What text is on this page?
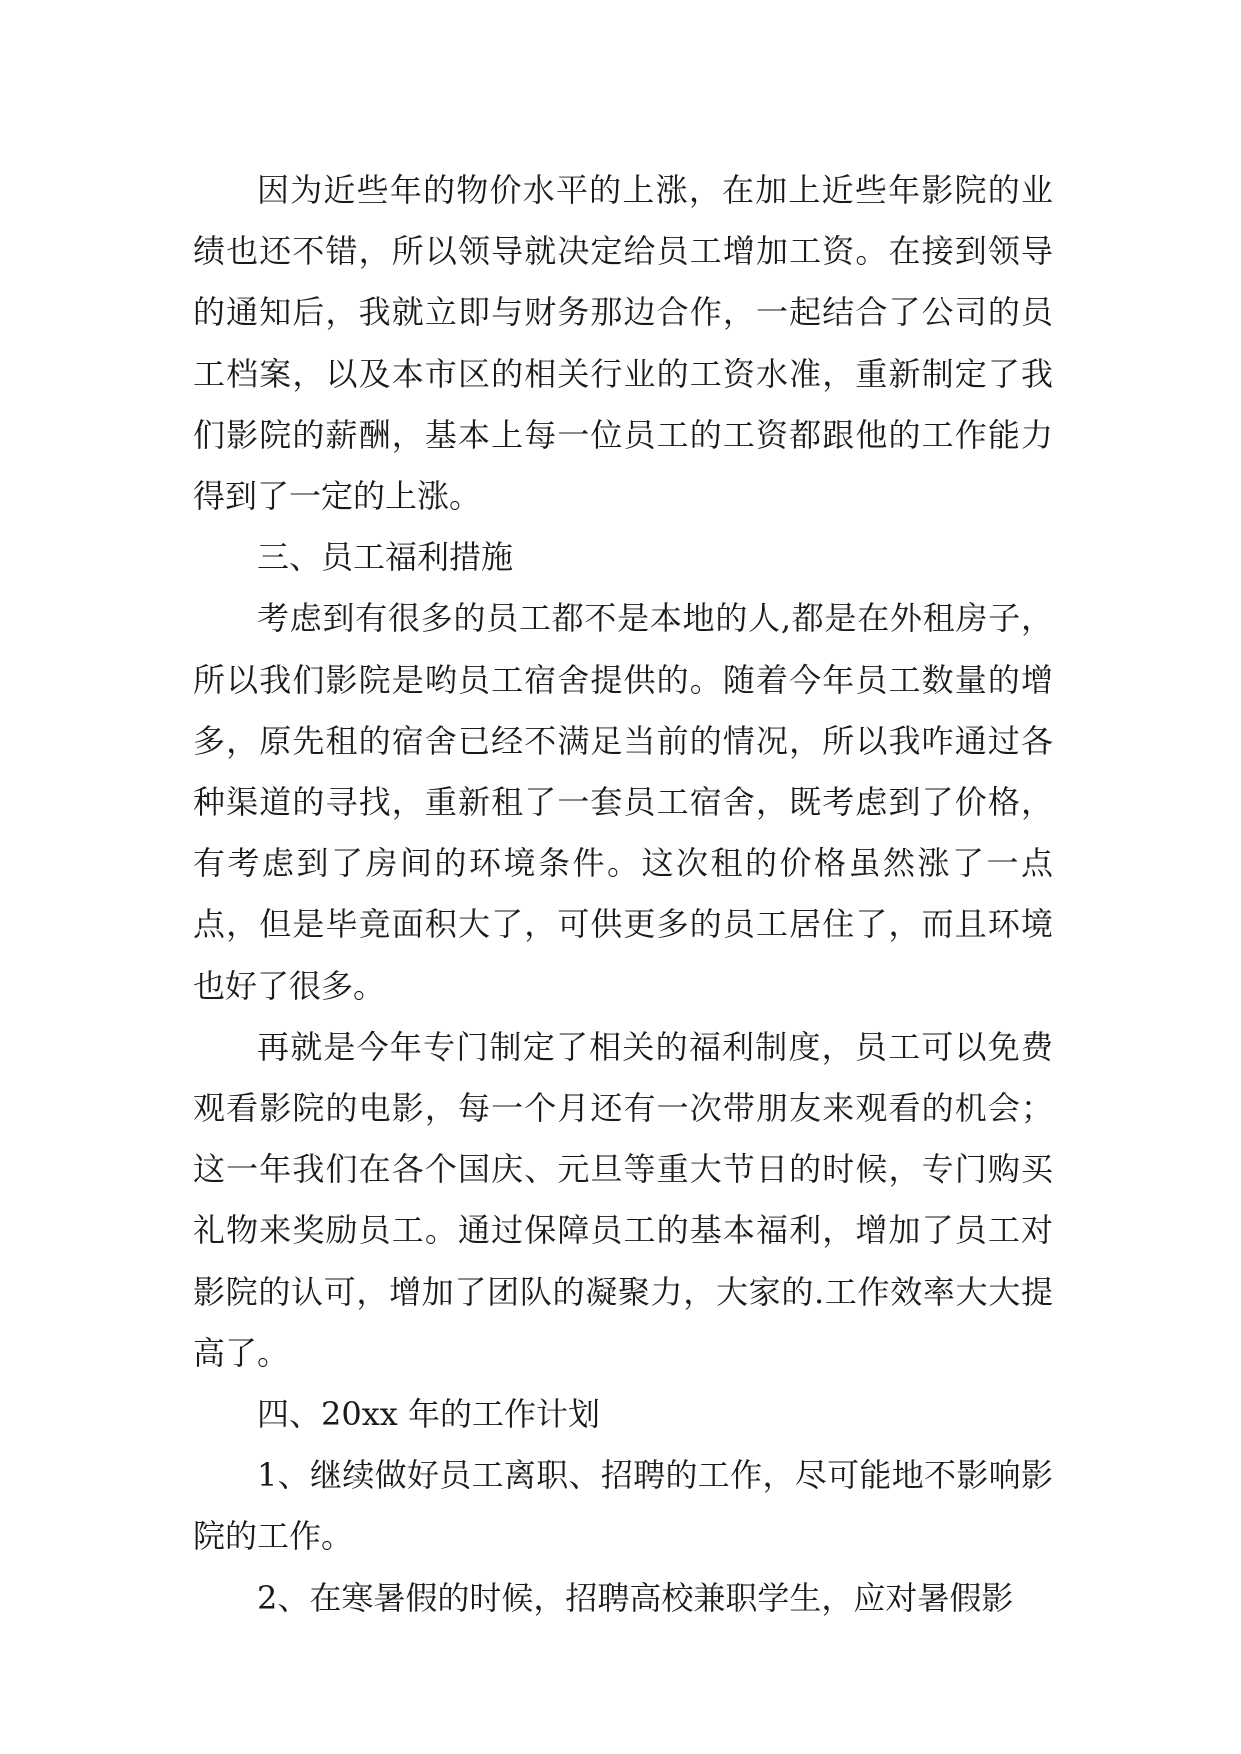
因为近些年的物价水平的上涨，在加上近些年影院的业绩也还不错，所以领导就决定给员工增加工资。在接到领导的通知后，我就立即与财务那边合作，一起结合了公司的员工档案，以及本市区的相关行业的工资水准，重新制定了我们影院的薪酬，基本上每一位员工的工资都跟他的工作能力得到了一定的上涨。

三、员工福利措施

考虑到有很多的员工都不是本地的人,都是在外租房子，所以我们影院是哟员工宿舍提供的。随着今年员工数量的增多，原先租的宿舍已经不满足当前的情况，所以我咋通过各种渠道的寻找，重新租了一套员工宿舍，既考虑到了价格，有考虑到了房间的环境条件。这次租的价格虽然涨了一点点，但是毕竟面积大了，可供更多的员工居住了，而且环境也好了很多。

再就是今年专门制定了相关的福利制度，员工可以免费观看影院的电影，每一个月还有一次带朋友来观看的机会；这一年我们在各个国庆、元旦等重大节日的时候，专门购买礼物来奖励员工。通过保障员工的基本福利，增加了员工对影院的认可，增加了团队的凝聚力，大家的.工作效率大大提高了。

四、20xx 年的工作计划

1、继续做好员工离职、招聘的工作，尽可能地不影响影院的工作。

2、在寒暑假的时候，招聘高校兼职学生，应对暑假影
